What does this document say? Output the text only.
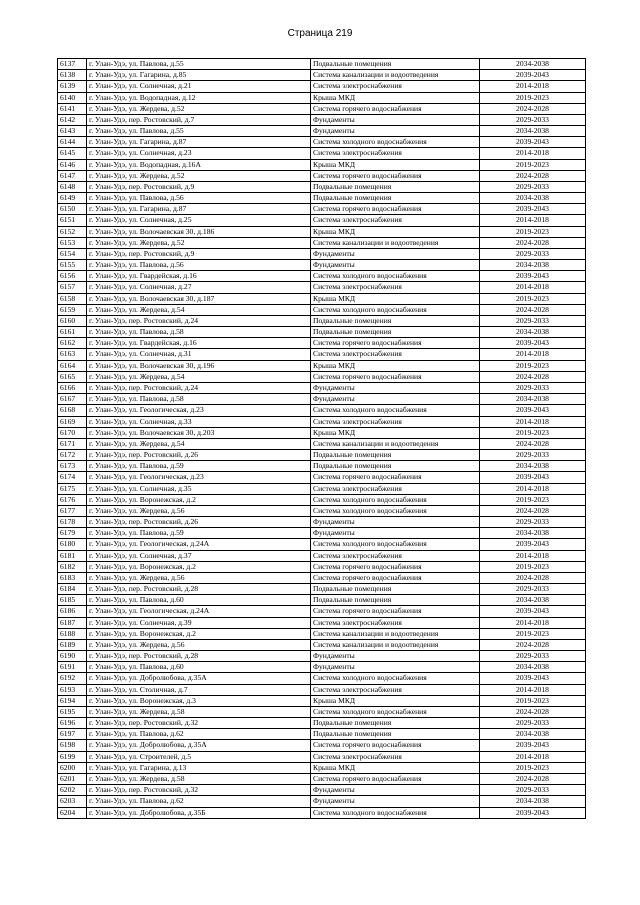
Страница 219
6137	г. Улан-Удэ, ул. Павлова, д.55	Подвальные помещения	2034-2038
6138	г. Улан-Удэ, ул. Гагарина, д.85	Система канализации и водоотведения	2039-2043
6139	г. Улан-Удэ, ул. Солнечная, д.21	Система электроснабжения	2014-2018
6140	г. Улан-Удэ, ул. Водопадная, д.12	Крыша МКД	2019-2023
6141	г. Улан-Удэ, ул. Жердева, д.52	Система горячего водоснабжения	2024-2028
6142	г. Улан-Удэ, пер. Ростовский, д.7	Фундаменты	2029-2033
6143	г. Улан-Удэ, ул. Павлова, д.55	Фундаменты	2034-2038
6144	г. Улан-Удэ, ул. Гагарина, д.87	Система холодного водоснабжения	2039-2043
6145	г. Улан-Удэ, ул. Солнечная, д.23	Система электроснабжения	2014-2018
6146	г. Улан-Удэ, ул. Водопадная, д.16А	Крыша МКД	2019-2023
6147	г. Улан-Удэ, ул. Жердева, д.52	Система горячего водоснабжения	2024-2028
6148	г. Улан-Удэ, пер. Ростовский, д.9	Подвальные помещения	2029-2033
6149	г. Улан-Удэ, ул. Павлова, д.56	Подвальные помещения	2034-2038
6150	г. Улан-Удэ, ул. Гагарина, д.87	Система горячего водоснабжения	2039-2043
6151	г. Улан-Удэ, ул. Солнечная, д.25	Система электроснабжения	2014-2018
6152	г. Улан-Удэ, ул. Волочаевская 30, д.186	Крыша МКД	2019-2023
6153	г. Улан-Удэ, ул. Жердева, д.52	Система канализации и водоотведения	2024-2028
6154	г. Улан-Удэ, пер. Ростовский, д.9	Фундаменты	2029-2033
6155	г. Улан-Удэ, ул. Павлова, д.56	Фундаменты	2034-2038
6156	г. Улан-Удэ, ул. Гвардейская, д.16	Система холодного водоснабжения	2039-2043
6157	г. Улан-Удэ, ул. Солнечная, д.27	Система электроснабжения	2014-2018
6158	г. Улан-Удэ, ул. Волочаевская 30, д.187	Крыша МКД	2019-2023
6159	г. Улан-Удэ, ул. Жердева, д.54	Система холодного водоснабжения	2024-2028
6160	г. Улан-Удэ, пер. Ростовский, д.24	Подвальные помещения	2029-2033
6161	г. Улан-Удэ, ул. Павлова, д.58	Подвальные помещения	2034-2038
6162	г. Улан-Удэ, ул. Гвардейская, д.16	Система горячего водоснабжения	2039-2043
6163	г. Улан-Удэ, ул. Солнечная, д.31	Система электроснабжения	2014-2018
6164	г. Улан-Удэ, ул. Волочаевская 30, д.196	Крыша МКД	2019-2023
6165	г. Улан-Удэ, ул. Жердева, д.54	Система горячего водоснабжения	2024-2028
6166	г. Улан-Удэ, пер. Ростовский, д.24	Фундаменты	2029-2033
6167	г. Улан-Удэ, ул. Павлова, д.58	Фундаменты	2034-2038
6168	г. Улан-Удэ, ул. Геологическая, д.23	Система холодного водоснабжения	2039-2043
6169	г. Улан-Удэ, ул. Солнечная, д.33	Система электроснабжения	2014-2018
6170	г. Улан-Удэ, ул. Волочаевская 30, д.203	Крыша МКД	2019-2023
6171	г. Улан-Удэ, ул. Жердева, д.54	Система канализации и водоотведения	2024-2028
6172	г. Улан-Удэ, пер. Ростовский, д.26	Подвальные помещения	2029-2033
6173	г. Улан-Удэ, ул. Павлова, д.59	Подвальные помещения	2034-2038
6174	г. Улан-Удэ, ул. Геологическая, д.23	Система горячего водоснабжения	2039-2043
6175	г. Улан-Удэ, ул. Солнечная, д.35	Система электроснабжения	2014-2018
6176	г. Улан-Удэ, ул. Воронежская, д.2	Система холодного водоснабжения	2019-2023
6177	г. Улан-Удэ, ул. Жердева, д.56	Система холодного водоснабжения	2024-2028
6178	г. Улан-Удэ, пер. Ростовский, д.26	Фундаменты	2029-2033
6179	г. Улан-Удэ, ул. Павлова, д.59	Фундаменты	2034-2038
6180	г. Улан-Удэ, ул. Геологическая, д.24А	Система холодного водоснабжения	2039-2043
6181	г. Улан-Удэ, ул. Солнечная, д.37	Система электроснабжения	2014-2018
6182	г. Улан-Удэ, ул. Воронежская, д.2	Система горячего водоснабжения	2019-2023
6183	г. Улан-Удэ, ул. Жердева, д.56	Система горячего водоснабжения	2024-2028
6184	г. Улан-Удэ, пер. Ростовский, д.28	Подвальные помещения	2029-2033
6185	г. Улан-Удэ, ул. Павлова, д.60	Подвальные помещения	2034-2038
6186	г. Улан-Удэ, ул. Геологическая, д.24А	Система горячего водоснабжения	2039-2043
6187	г. Улан-Удэ, ул. Солнечная, д.39	Система электроснабжения	2014-2018
6188	г. Улан-Удэ, ул. Воронежская, д.2	Система канализации и водоотведения	2019-2023
6189	г. Улан-Удэ, ул. Жердева, д.56	Система канализации и водоотведения	2024-2028
6190	г. Улан-Удэ, пер. Ростовский, д.28	Фундаменты	2029-2033
6191	г. Улан-Удэ, ул. Павлова, д.60	Фундаменты	2034-2038
6192	г. Улан-Удэ, ул. Добролюбова, д.35А	Система холодного водоснабжения	2039-2043
6193	г. Улан-Удэ, ул. Столичная, д.7	Система электроснабжения	2014-2018
6194	г. Улан-Удэ, ул. Воронежская, д.3	Крыша МКД	2019-2023
6195	г. Улан-Удэ, ул. Жердева, д.58	Система холодного водоснабжения	2024-2028
6196	г. Улан-Удэ, пер. Ростовский, д.32	Подвальные помещения	2029-2033
6197	г. Улан-Удэ, ул. Павлова, д.62	Подвальные помещения	2034-2038
6198	г. Улан-Удэ, ул. Добролюбова, д.35А	Система горячего водоснабжения	2039-2043
6199	г. Улан-Удэ, ул. Строителей, д.5	Система электроснабжения	2014-2018
6200	г. Улан-Удэ, ул. Гагарина, д.13	Крыша МКД	2019-2023
6201	г. Улан-Удэ, ул. Жердева, д.58	Система горячего водоснабжения	2024-2028
6202	г. Улан-Удэ, пер. Ростовский, д.32	Фундаменты	2029-2033
6203	г. Улан-Удэ, ул. Павлова, д.62	Фундаменты	2034-2038
6204	г. Улан-Удэ, ул. Добролюбова, д.35Б	Система холодного водоснабжения	2039-2043
